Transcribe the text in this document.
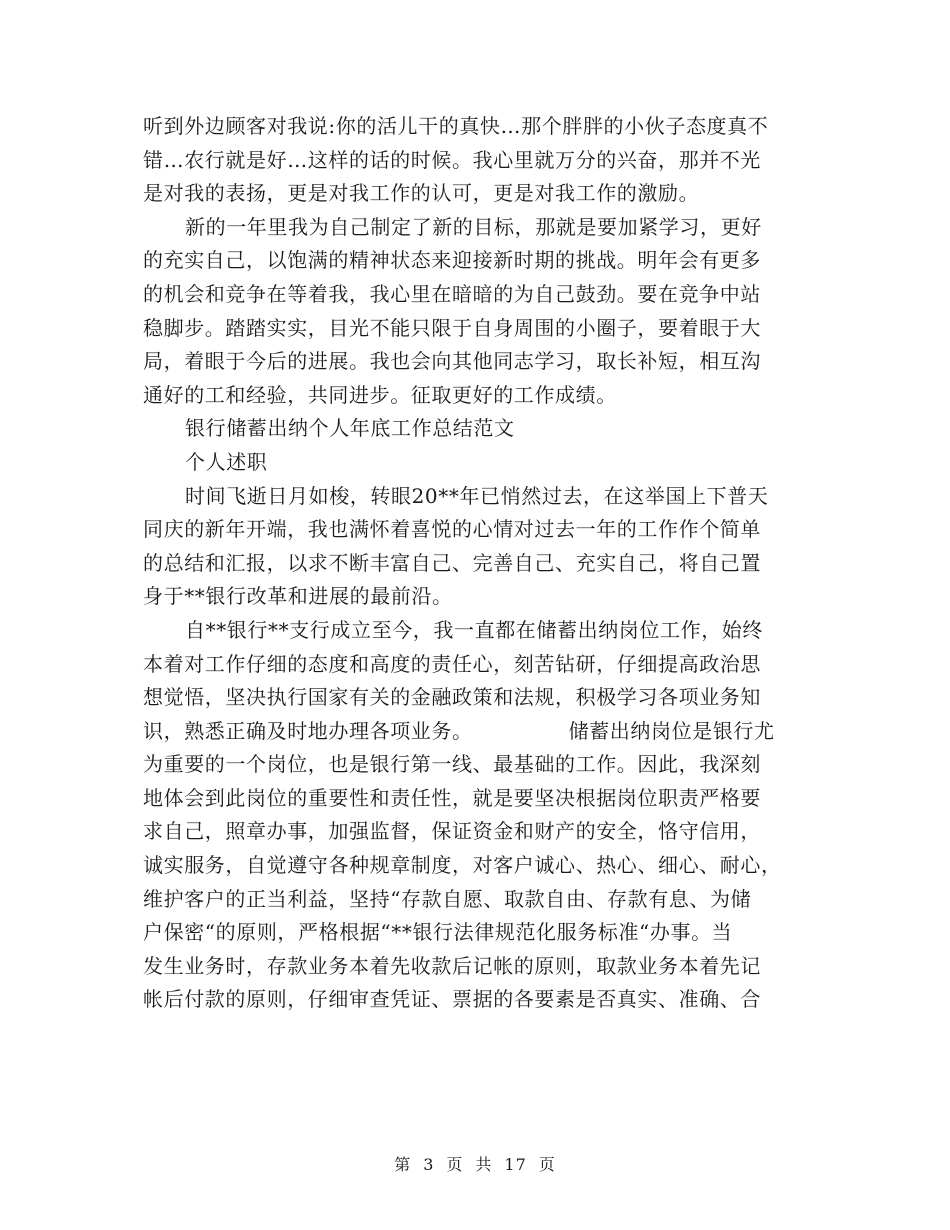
听到外边顾客对我说:你的活儿干的真快…那个胖胖的小伙子态度真不
错…农行就是好…这样的话的时候。我心里就万分的兴奋，那并不光
是对我的表扬，更是对我工作的认可，更是对我工作的激励。
新的一年里我为自己制定了新的目标，那就是要加紧学习，更好
的充实自己，以饱满的精神状态来迎接新时期的挑战。明年会有更多
的机会和竞争在等着我，我心里在暗暗的为自己鼓劲。要在竞争中站
稳脚步。踏踏实实，目光不能只限于自身周围的小圈子，要着眼于大
局，着眼于今后的进展。我也会向其他同志学习，取长补短，相互沟
通好的工和经验，共同进步。征取更好的工作成绩。
银行储蓄出纳个人年底工作总结范文
个人述职
时间飞逝日月如梭，转眼20**年已悄然过去，在这举国上下普天
同庆的新年开端，我也满怀着喜悦的心情对过去一年的工作作个简单
的总结和汇报，以求不断丰富自己、完善自己、充实自己，将自己置
身于**银行改革和进展的最前沿。
自**银行**支行成立至今，我一直都在储蓄出纳岗位工作，始终
本着对工作仔细的态度和高度的责任心，刻苦钻研，仔细提高政治思
想觉悟，坚决执行国家有关的金融政策和法规，积极学习各项业务知
识，熟悉正确及时地办理各项业务。	储蓄出纳岗位是银行尤
为重要的一个岗位，也是银行第一线、最基础的工作。因此，我深刻
地体会到此岗位的重要性和责任性，就是要坚决根据岗位职责严格要
求自己，照章办事，加强监督，保证资金和财产的安全，恪守信用，
诚实服务，自觉遵守各种规章制度，对客户诚心、热心、细心、耐心，
维护客户的正当利益，坚持“存款自愿、取款自由、存款有息、为储
户保密“的原则，严格根据“**银行法律规范化服务标准“办事。当
发生业务时，存款业务本着先收款后记帐的原则，取款业务本着先记
帐后付款的原则，仔细审查凭证、票据的各要素是否真实、准确、合
第 3 页 共 17 页
